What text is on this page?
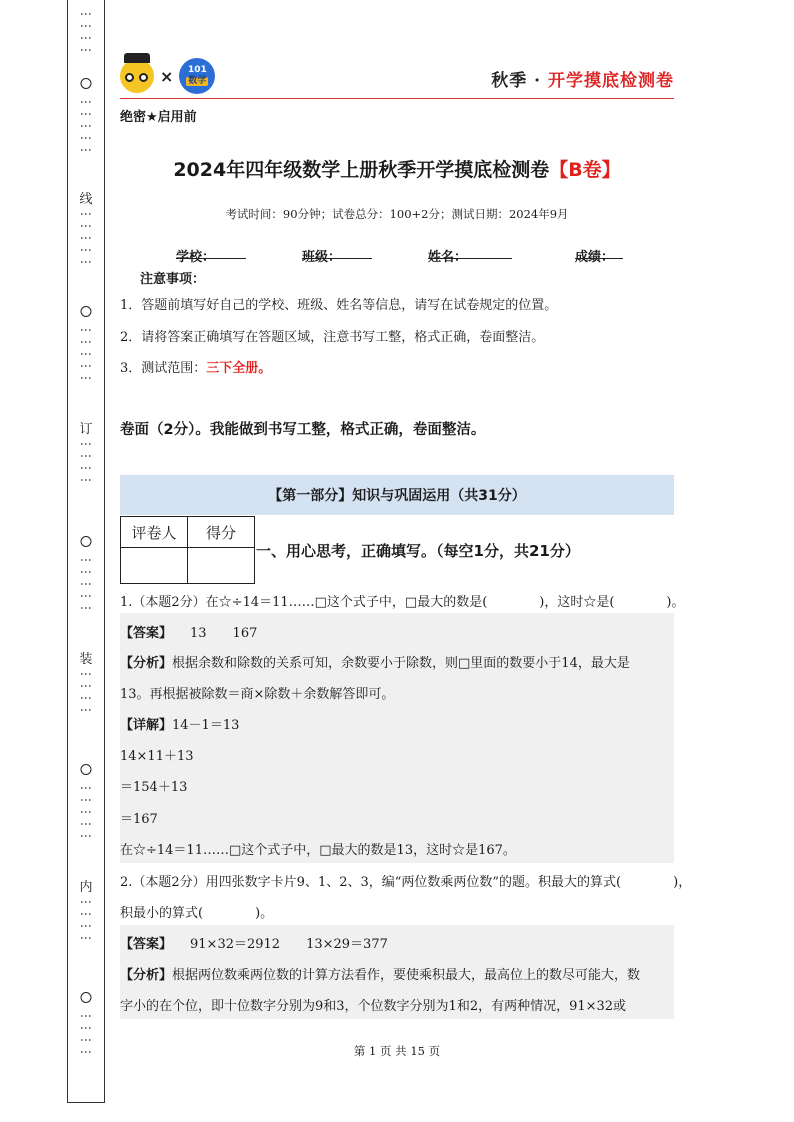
⋮⋮⋮⋮
⋮⋮⋮⋮⋮
线
⋮⋮⋮⋮⋮
⋮⋮⋮⋮⋮
订
⋮⋮⋮⋮
⋮⋮⋮⋮⋮
装
⋮⋮⋮⋮
⋮⋮⋮⋮⋮
内
⋮⋮⋮⋮
⋮⋮⋮⋮
× 101
数学	秋季 · 开学摸底检测卷
绝密★启用前
2024年四年级数学上册秋季开学摸底检测卷【B卷】
考试时间：90分钟；试卷总分：100+2分；测试日期：2024年9月
学校：	班级：	姓名：	成绩：
注意事项：
1．答题前填写好自己的学校、班级、姓名等信息，请写在试卷规定的位置。
2．请将答案正确填写在答题区域，注意书写工整，格式正确，卷面整洁。
3．测试范围：三下全册。
卷面（2分）。我能做到书写工整，格式正确，卷面整洁。
【第一部分】知识与巩固运用（共31分）
评卷人	得分

一、用心思考，正确填写。（每空1分，共21分）
1.（本题2分）在☆÷14＝11……□这个式子中，□最大的数是(　　　　)，这时☆是(　　　　)。
【答案】 13　　167
【分析】根据余数和除数的关系可知，余数要小于除数，则□里面的数要小于14，最大是
13。再根据被除数＝商×除数＋余数解答即可。
【详解】14－1＝13
14×11＋13
＝154＋13
＝167
在☆÷14＝11……□这个式子中，□最大的数是13，这时☆是167。
2.（本题2分）用四张数字卡片9、1、2、3，编“两位数乘两位数”的题。积最大的算式(　　　　)，
积最小的算式(　　　　)。
【答案】 91×32＝2912　　13×29＝377
【分析】根据两位数乘两位数的计算方法看作，要使乘积最大，最高位上的数尽可能大，数
字小的在个位，即十位数字分别为9和3，个位数字分别为1和2，有两种情况，91×32或
第 1 页 共 15 页
